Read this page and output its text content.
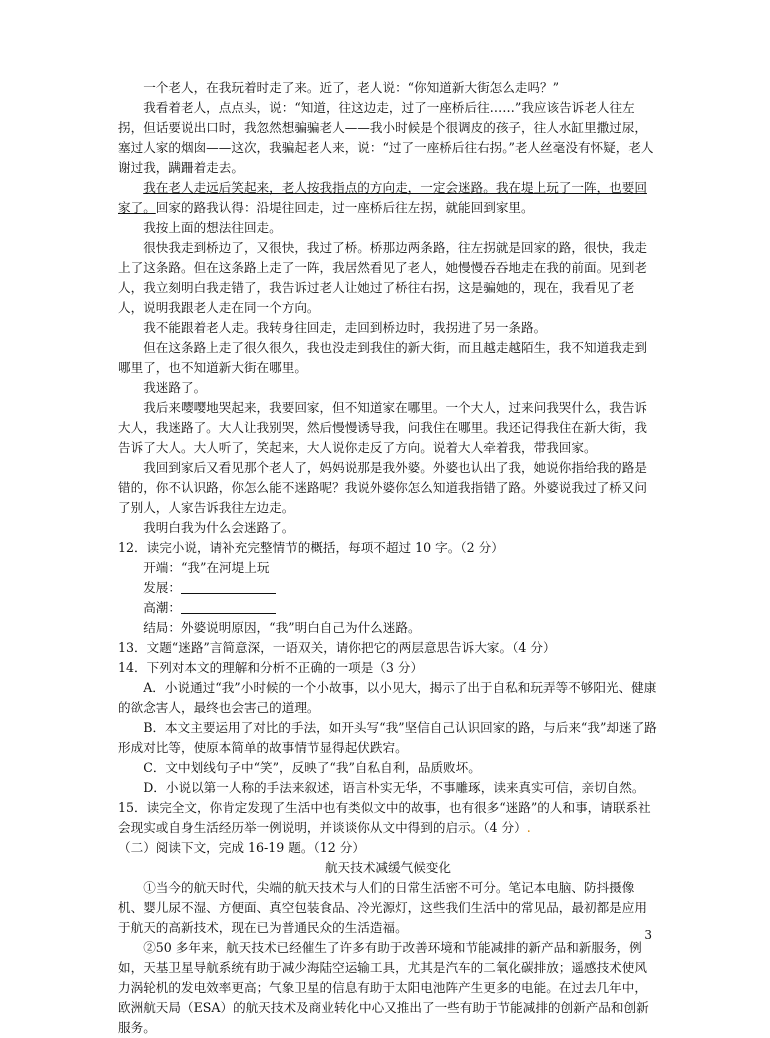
一个老人，在我玩着时走了来。近了，老人说：“你知道新大街怎么走吗？”

我看着老人，点点头，说：“知道，往这边走，过了一座桥后往……”我应该告诉老人往左拐，但话要说出口时，我忽然想骗骗老人——我小时候是个很调皮的孩子，往人水缸里撒过尿，塞过人家的烟囱——这次，我骗起老人来，说：“过了一座桥后往右拐。”老人丝毫没有怀疑，老人谢过我，蹒跚着走去。

我在老人走远后笑起来，老人按我指点的方向走，一定会迷路。我在堤上玩了一阵，也要回家了。回家的路我认得：沿堤往回走，过一座桥后往左拐，就能回到家里。

我按上面的想法往回走。

很快我走到桥边了，又很快，我过了桥。桥那边两条路，往左拐就是回家的路，很快，我走上了这条路。但在这条路上走了一阵，我居然看见了老人，她慢慢吞吞地走在我的前面。见到老人，我立刻明白我走错了，我告诉过老人让她过了桥往右拐，这是骗她的，现在，我看见了老人，说明我跟老人走在同一个方向。

我不能跟着老人走。我转身往回走，走回到桥边时，我拐进了另一条路。

但在这条路上走了很久很久，我也没走到我住的新大街，而且越走越陌生，我不知道我走到哪里了，也不知道新大街在哪里。

我迷路了。

我后来嘤嘤地哭起来，我要回家，但不知道家在哪里。一个大人，过来问我哭什么，我告诉大人，我迷路了。大人让我别哭，然后慢慢诱导我，问我住在哪里。我还记得我住在新大街，我告诉了大人。大人听了，笑起来，大人说你走反了方向。说着大人牵着我，带我回家。

我回到家后又看见那个老人了，妈妈说那是我外婆。外婆也认出了我，她说你指给我的路是错的，你不认识路，你怎么能不迷路呢？我说外婆你怎么知道我指错了路。外婆说我过了桥又问了别人，人家告诉我往左边走。

我明白我为什么会迷路了。

12．读完小说，请补充完整情节的概括，每项不超过 10 字。（2 分）

开端：“我”在河堤上玩

发展：

高潮：

结局：外婆说明原因，“我”明白自己为什么迷路。

13．文题“迷路”言简意深，一语双关，请你把它的两层意思告诉大家。（4 分）

14．下列对本文的理解和分析不正确的一项是（3 分）

A．小说通过“我”小时候的一个小故事，以小见大，揭示了出于自私和玩弄等不够阳光、健康的欲念害人，最终也会害己的道理。

B．本文主要运用了对比的手法，如开头写“我”坚信自己认识回家的路，与后来“我”却迷了路形成对比等，使原本简单的故事情节显得起伏跌宕。

C．文中划线句子中“笑”，反映了“我”自私自利，品质败坏。

D．小说以第一人称的手法来叙述，语言朴实无华，不事雕琢，读来真实可信，亲切自然。

15．读完全文，你肯定发现了生活中也有类似文中的故事，也有很多“迷路”的人和事，请联系社会现实或自身生活经历举一例说明，并谈谈你从文中得到的启示。（4 分）.

（二）阅读下文，完成 16-19 题。（12 分）

航天技术减缓气候变化

①当今的航天时代，尖端的航天技术与人们的日常生活密不可分。笔记本电脑、防抖摄像机、婴儿尿不湿、方便面、真空包装食品、冷光源灯，这些我们生活中的常见品，最初都是应用于航天的高新技术，现在已为普通民众的生活造福。

②50 多年来，航天技术已经催生了许多有助于改善环境和节能减排的新产品和新服务，例如，天基卫星导航系统有助于减少海陆空运输工具，尤其是汽车的二氧化碳排放；遥感技术使风力涡轮机的发电效率更高；气象卫星的信息有助于太阳电池阵产生更多的电能。在过去几年中，欧洲航天局（ESA）的航天技术及商业转化中心又推出了一些有助于节能减排的创新产品和创新服务。

3
